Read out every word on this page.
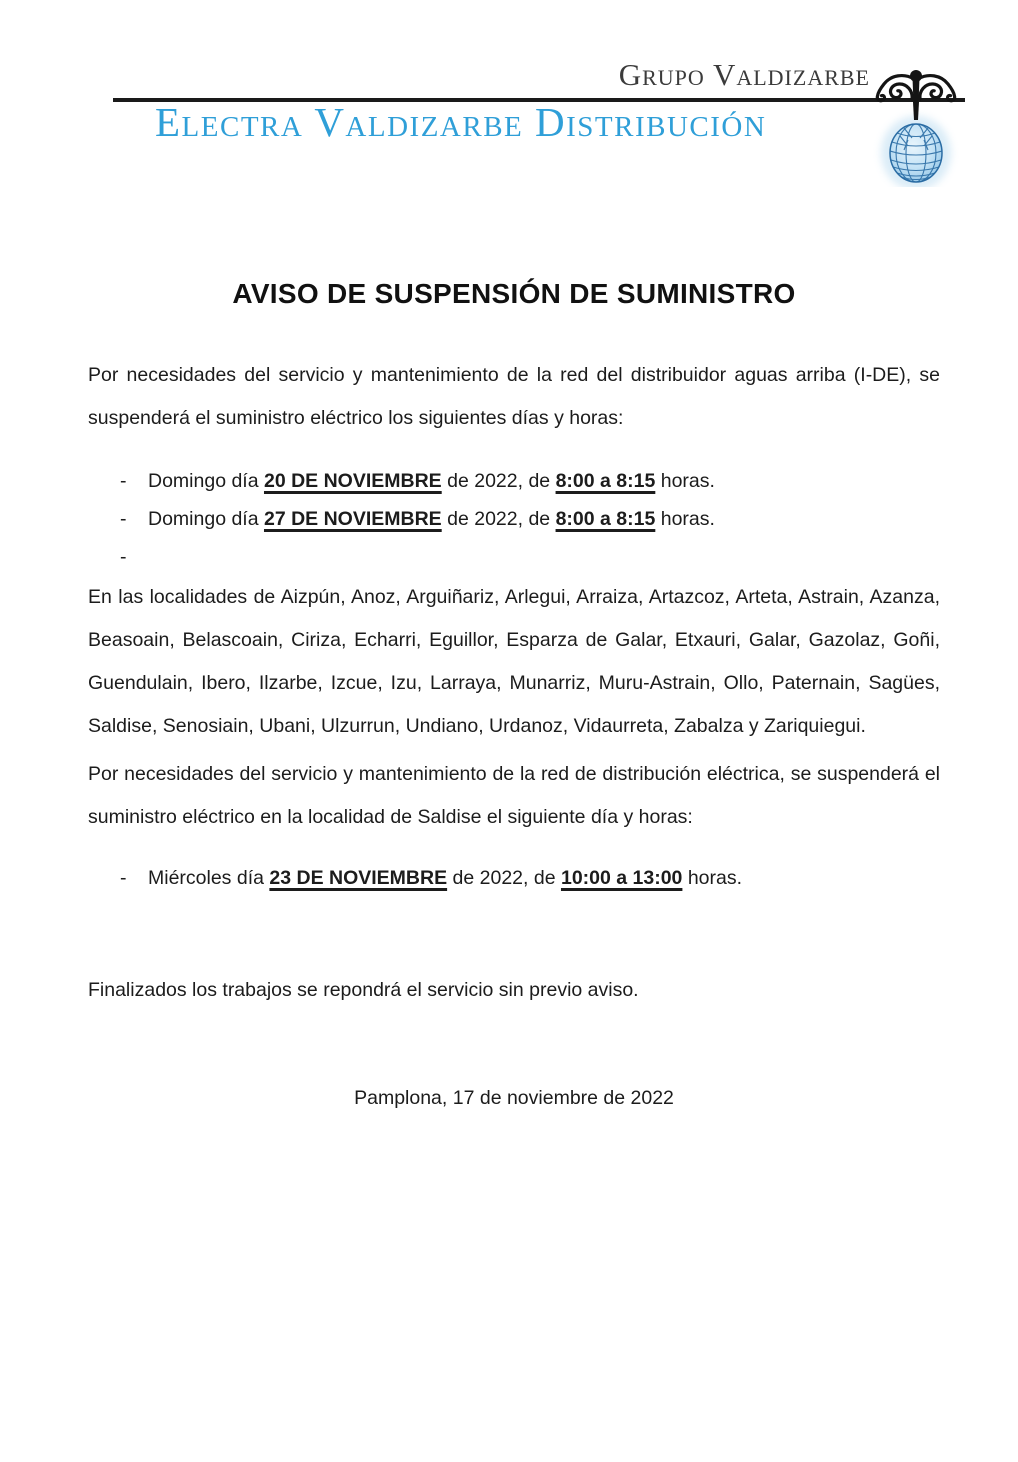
Grupo Valdizarbe
Electra Valdizarbe Distribución
AVISO DE SUSPENSIÓN DE SUMINISTRO

Por necesidades del servicio y mantenimiento de la red del distribuidor aguas arriba (I-DE), se suspenderá el suministro eléctrico los siguientes días y horas:

-	Domingo día 20 DE NOVIEMBRE de 2022, de 8:00 a 8:15 horas.
-	Domingo día 27 DE NOVIEMBRE de 2022, de 8:00 a 8:15 horas.
-

En las localidades de Aizpún, Anoz, Arguiñariz, Arlegui, Arraiza, Artazcoz, Arteta, Astrain, Azanza, Beasoain, Belascoain, Ciriza, Echarri, Eguillor, Esparza de Galar, Etxauri, Galar, Gazolaz, Goñi, Guendulain, Ibero, Ilzarbe, Izcue, Izu, Larraya, Munarriz, Muru-Astrain, Ollo, Paternain, Sagües, Saldise, Senosiain, Ubani, Ulzurrun, Undiano, Urdanoz, Vidaurreta, Zabalza y Zariquiegui.

Por necesidades del servicio y mantenimiento de la red de distribución eléctrica, se suspenderá el suministro eléctrico en la localidad de Saldise el siguiente día y horas:

-	Miércoles día 23 DE NOVIEMBRE de 2022, de 10:00 a 13:00 horas.

Finalizados los trabajos se repondrá el servicio sin previo aviso.

Pamplona, 17 de noviembre de 2022
